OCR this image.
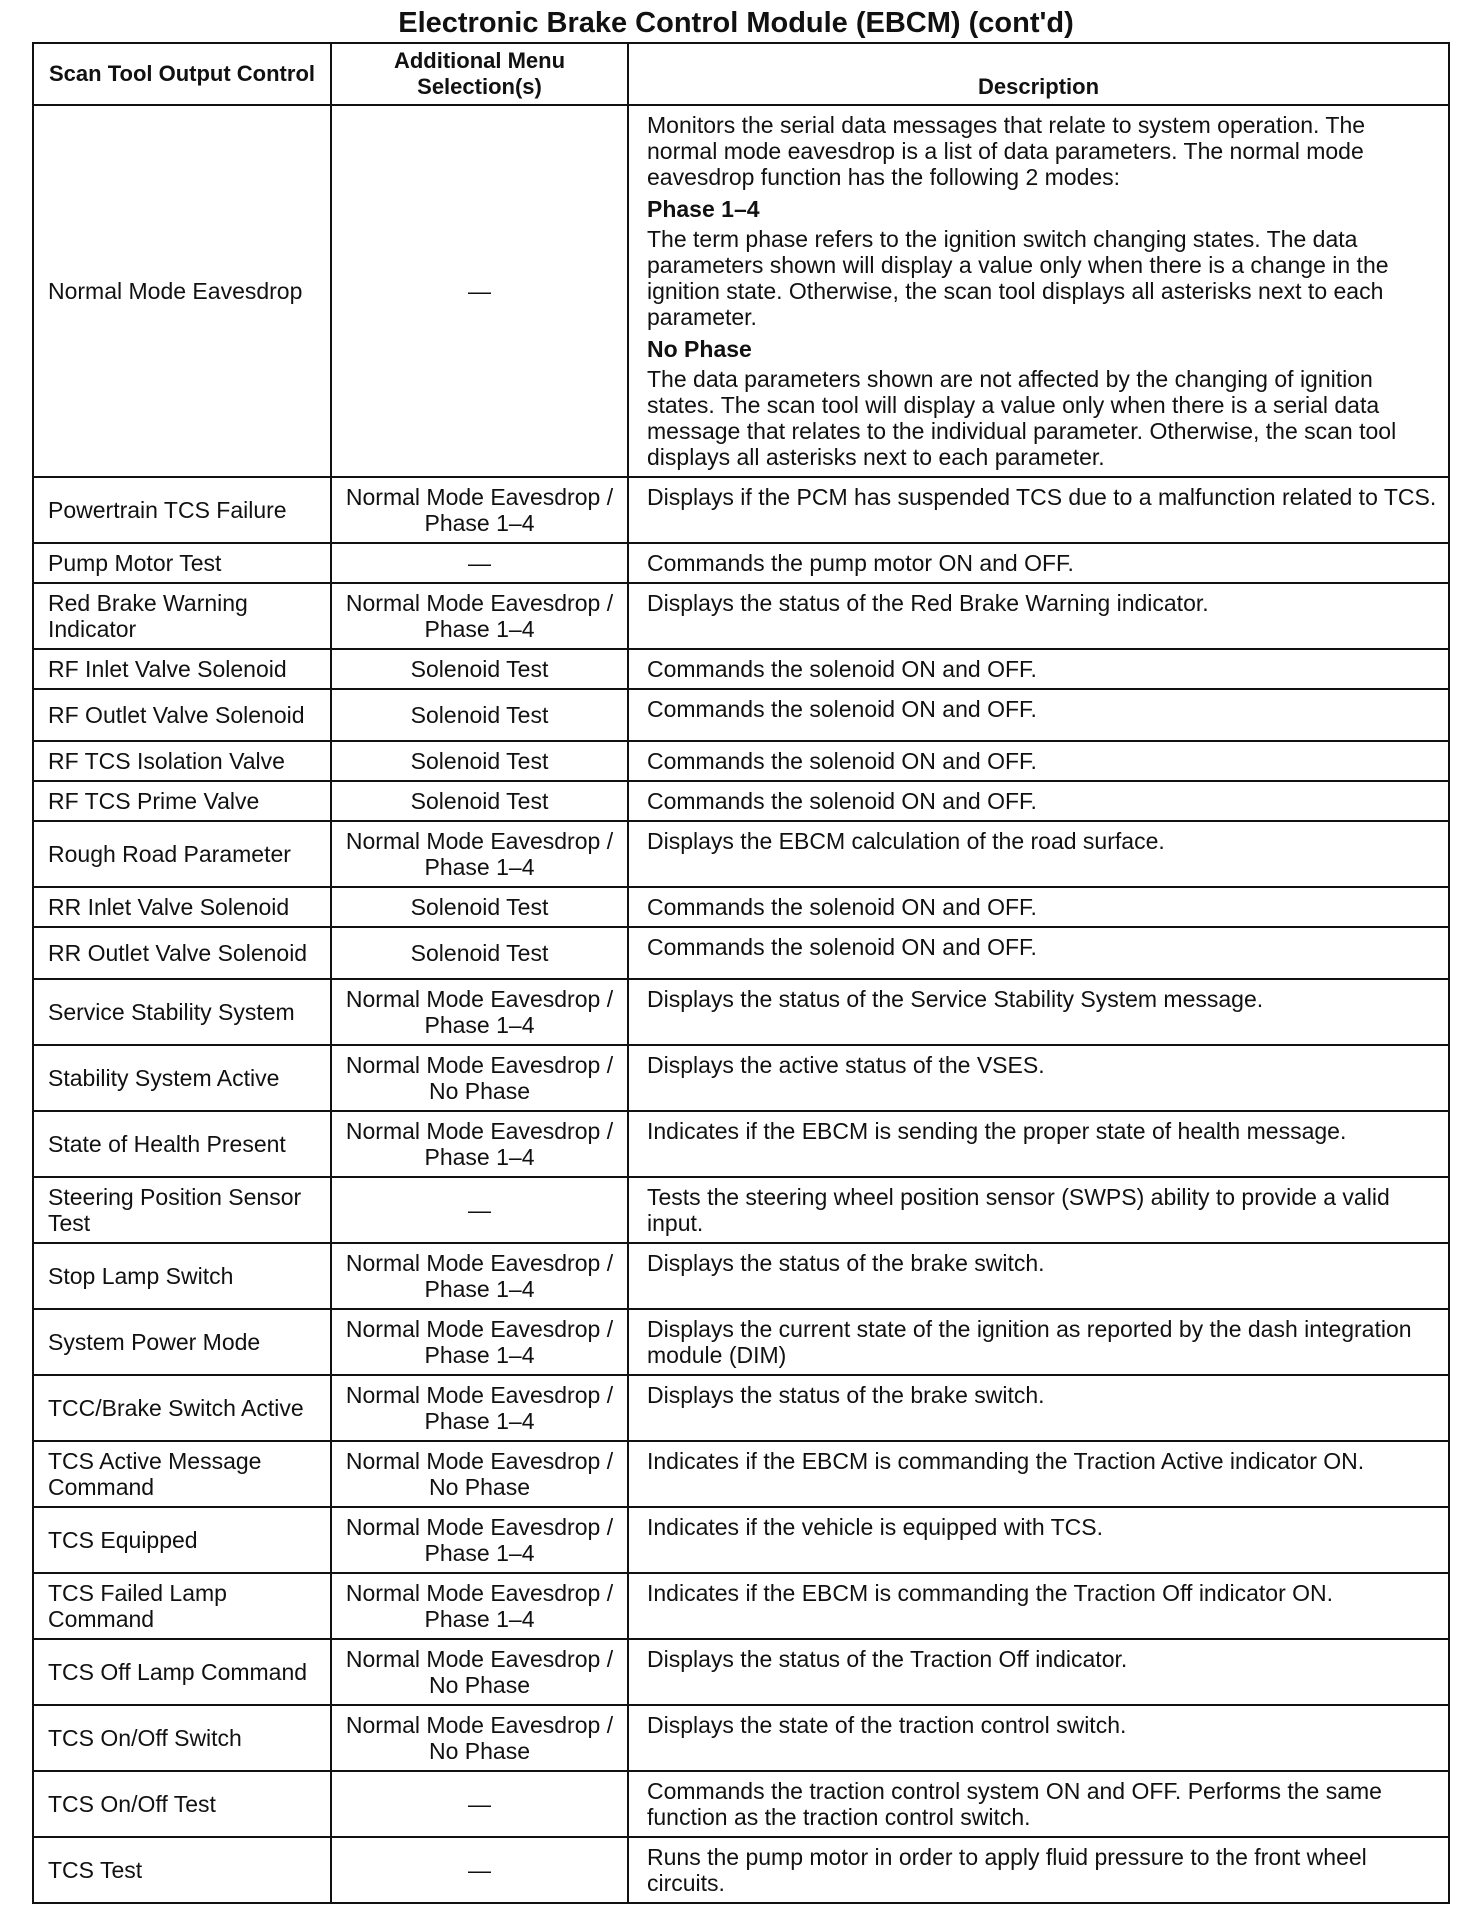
Electronic Brake Control Module (EBCM) (cont'd)
Scan Tool Output Control	Additional Menu Selection(s)	Description
Normal Mode Eavesdrop	—	Monitors the serial data messages that relate to system operation. The normal mode eavesdrop is a list of data parameters. The normal mode eavesdrop function has the following 2 modes:

Phase 1–4

The term phase refers to the ignition switch changing states. The data parameters shown will display a value only when there is a change in the ignition state. Otherwise, the scan tool displays all asterisks next to each parameter.

No Phase

The data parameters shown are not affected by the changing of ignition states. The scan tool will display a value only when there is a serial data message that relates to the individual parameter. Otherwise, the scan tool displays all asterisks next to each parameter.

Powertrain TCS Failure	Normal Mode Eavesdrop / Phase 1–4	Displays if the PCM has suspended TCS due to a malfunction related to TCS.
Pump Motor Test	—	Commands the pump motor ON and OFF.
Red Brake Warning Indicator	Normal Mode Eavesdrop / Phase 1–4	Displays the status of the Red Brake Warning indicator.
RF Inlet Valve Solenoid	Solenoid Test	Commands the solenoid ON and OFF.
RF Outlet Valve Solenoid	Solenoid Test	Commands the solenoid ON and OFF.
RF TCS Isolation Valve	Solenoid Test	Commands the solenoid ON and OFF.
RF TCS Prime Valve	Solenoid Test	Commands the solenoid ON and OFF.
Rough Road Parameter	Normal Mode Eavesdrop / Phase 1–4	Displays the EBCM calculation of the road surface.
RR Inlet Valve Solenoid	Solenoid Test	Commands the solenoid ON and OFF.
RR Outlet Valve Solenoid	Solenoid Test	Commands the solenoid ON and OFF.
Service Stability System	Normal Mode Eavesdrop / Phase 1–4	Displays the status of the Service Stability System message.
Stability System Active	Normal Mode Eavesdrop / No Phase	Displays the active status of the VSES.
State of Health Present	Normal Mode Eavesdrop / Phase 1–4	Indicates if the EBCM is sending the proper state of health message.
Steering Position Sensor Test	—	Tests the steering wheel position sensor (SWPS) ability to provide a valid input.
Stop Lamp Switch	Normal Mode Eavesdrop / Phase 1–4	Displays the status of the brake switch.
System Power Mode	Normal Mode Eavesdrop / Phase 1–4	Displays the current state of the ignition as reported by the dash integration module (DIM)
TCC/Brake Switch Active	Normal Mode Eavesdrop / Phase 1–4	Displays the status of the brake switch.
TCS Active Message Command	Normal Mode Eavesdrop / No Phase	Indicates if the EBCM is commanding the Traction Active indicator ON.
TCS Equipped	Normal Mode Eavesdrop / Phase 1–4	Indicates if the vehicle is equipped with TCS.
TCS Failed Lamp Command	Normal Mode Eavesdrop / Phase 1–4	Indicates if the EBCM is commanding the Traction Off indicator ON.
TCS Off Lamp Command	Normal Mode Eavesdrop / No Phase	Displays the status of the Traction Off indicator.
TCS On/Off Switch	Normal Mode Eavesdrop / No Phase	Displays the state of the traction control switch.
TCS On/Off Test	—	Commands the traction control system ON and OFF. Performs the same function as the traction control switch.
TCS Test	—	Runs the pump motor in order to apply fluid pressure to the front wheel circuits.
